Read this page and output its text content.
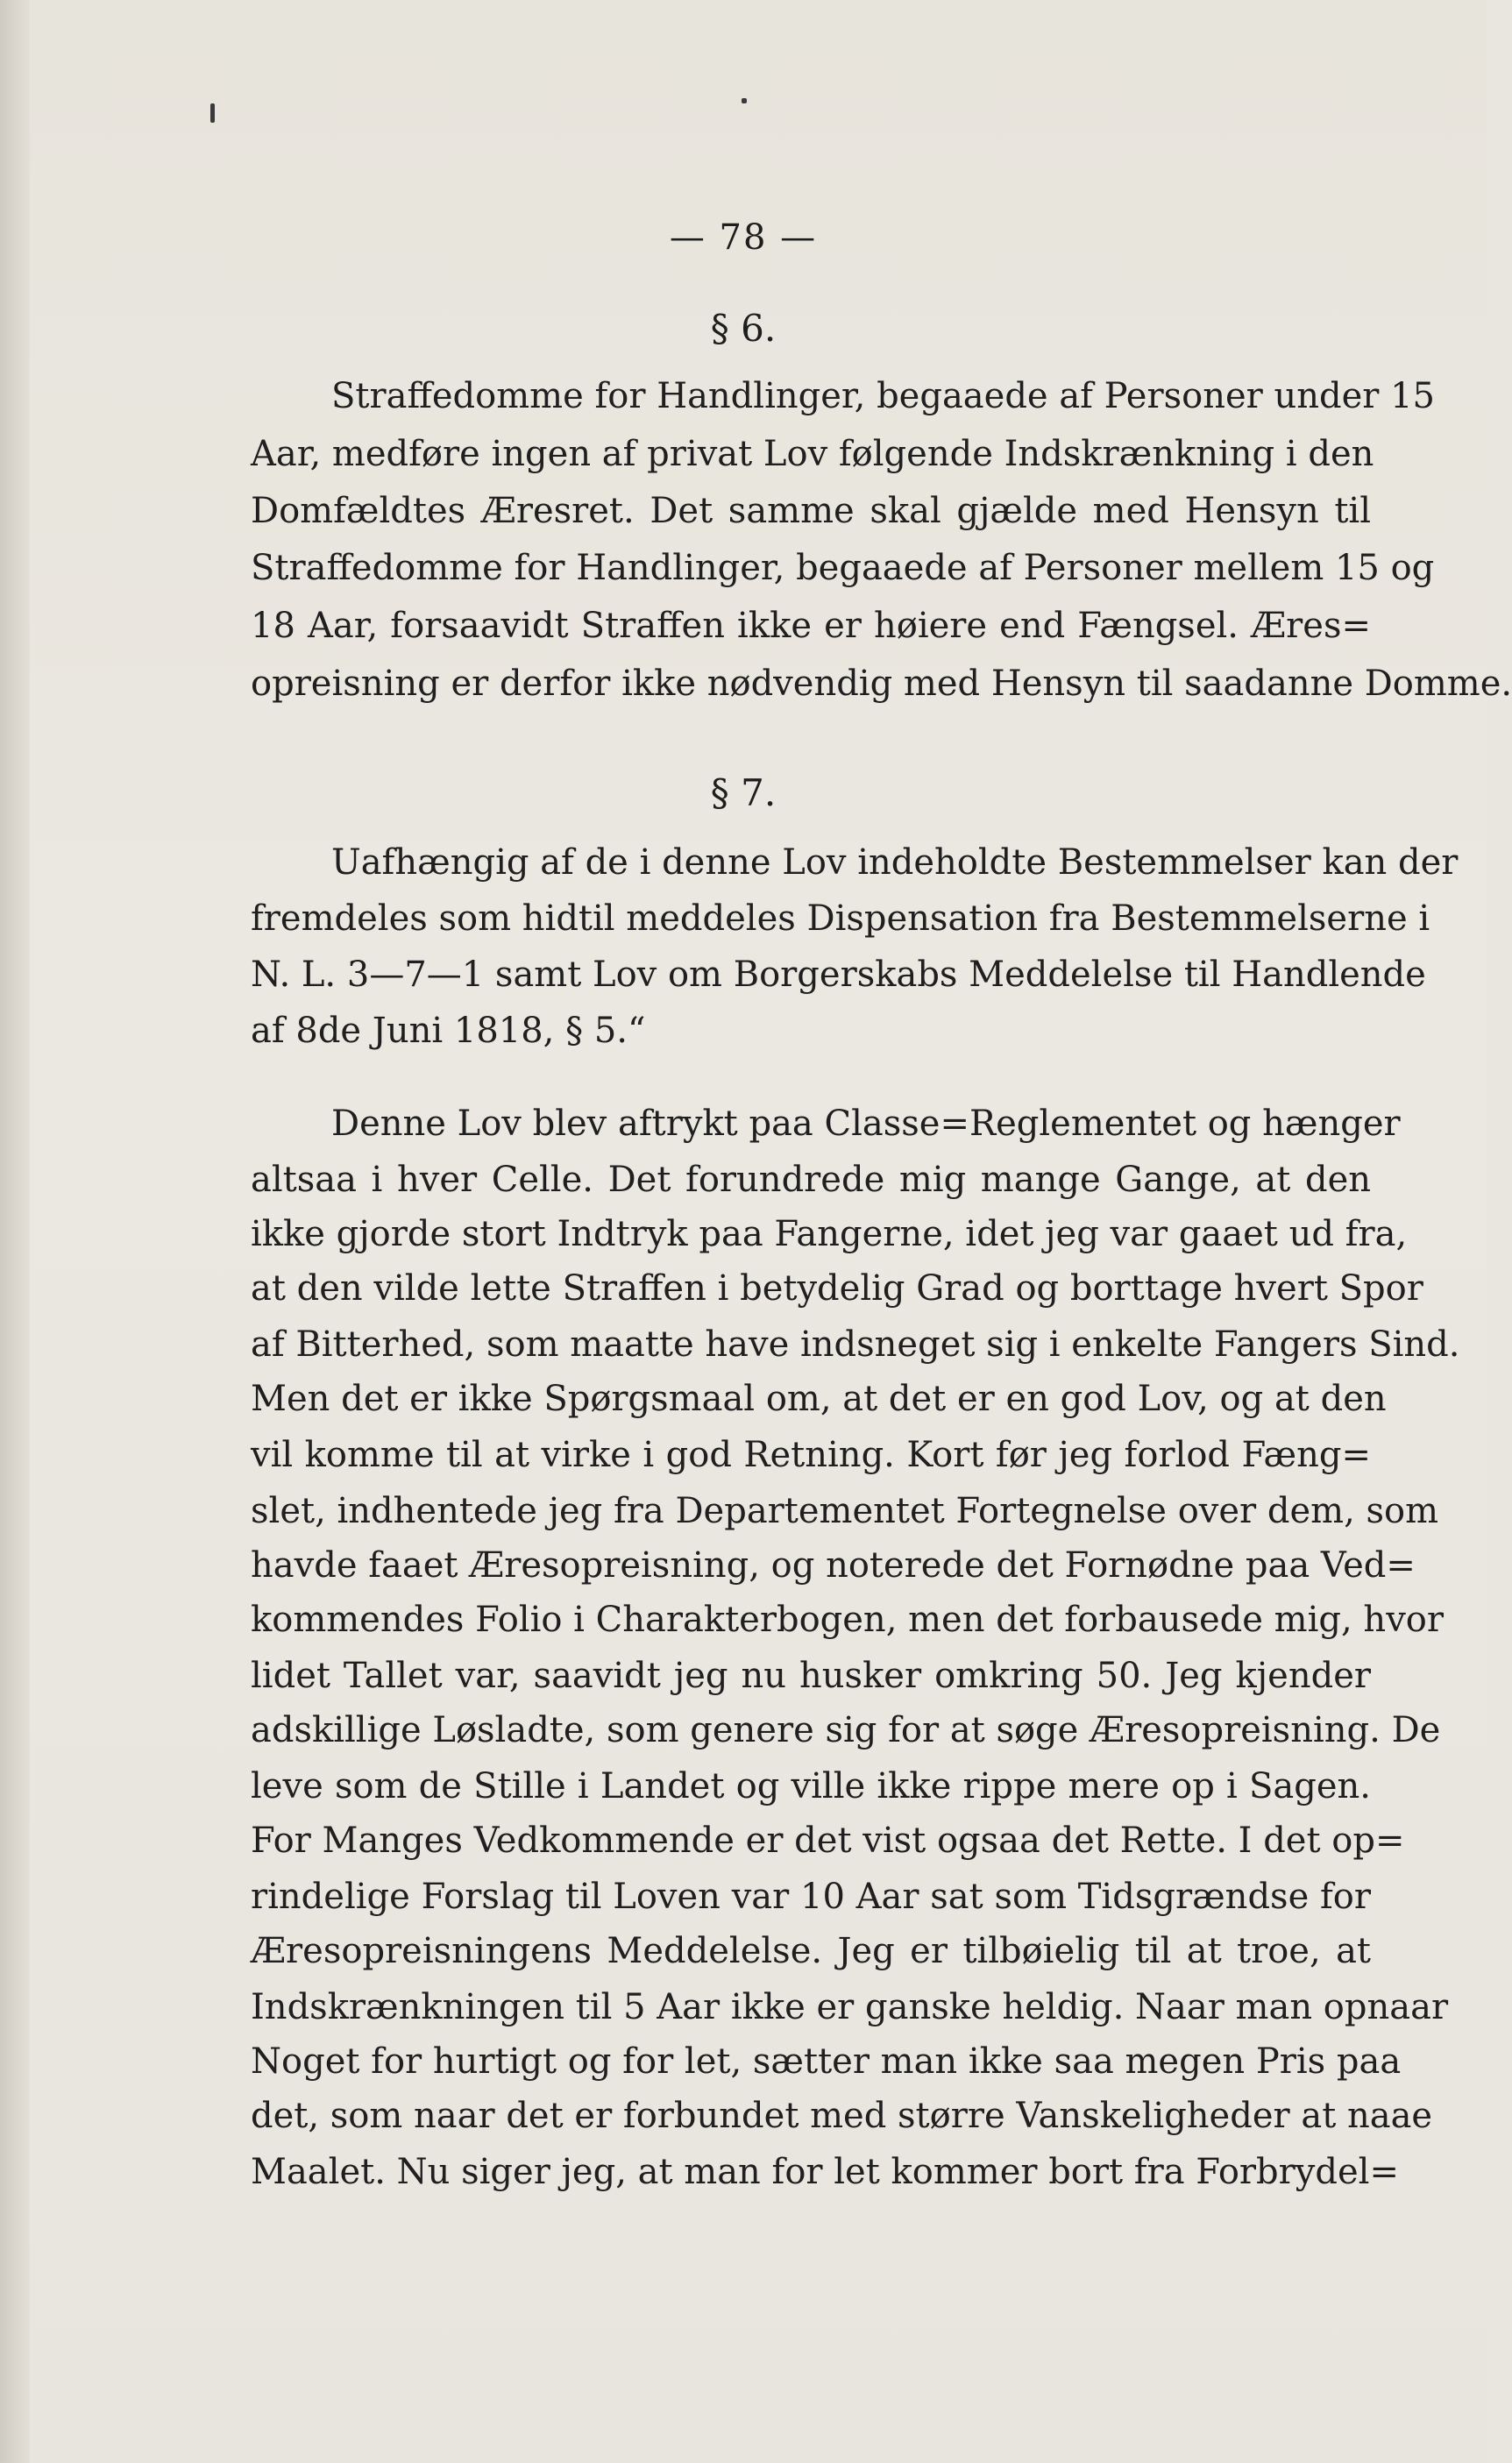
— 78 —
§ 6.
Straffedomme for Handlinger, begaaede af Personer under 15
Aar, medføre ingen af privat Lov følgende Indskrænkning i den
Domfældtes Æresret. Det samme skal gjælde med Hensyn til
Straffedomme for Handlinger, begaaede af Personer mellem 15 og
18 Aar, forsaavidt Straffen ikke er høiere end Fængsel. Æres=
opreisning er derfor ikke nødvendig med Hensyn til saadanne Domme.
§ 7.
Uafhængig af de i denne Lov indeholdte Bestemmelser kan der
fremdeles som hidtil meddeles Dispensation fra Bestemmelserne i
N. L. 3—7—1 samt Lov om Borgerskabs Meddelelse til Handlende
af 8de Juni 1818, § 5.“
Denne Lov blev aftrykt paa Classe=Reglementet og hænger
altsaa i hver Celle. Det forundrede mig mange Gange, at den
ikke gjorde stort Indtryk paa Fangerne, idet jeg var gaaet ud fra,
at den vilde lette Straffen i betydelig Grad og borttage hvert Spor
af Bitterhed, som maatte have indsneget sig i enkelte Fangers Sind.
Men det er ikke Spørgsmaal om, at det er en god Lov, og at den
vil komme til at virke i god Retning. Kort før jeg forlod Fæng=
slet, indhentede jeg fra Departementet Fortegnelse over dem, som
havde faaet Æresopreisning, og noterede det Fornødne paa Ved=
kommendes Folio i Charakterbogen, men det forbausede mig, hvor
lidet Tallet var, saavidt jeg nu husker omkring 50. Jeg kjender
adskillige Løsladte, som genere sig for at søge Æresopreisning. De
leve som de Stille i Landet og ville ikke rippe mere op i Sagen.
For Manges Vedkommende er det vist ogsaa det Rette. I det op=
rindelige Forslag til Loven var 10 Aar sat som Tidsgrændse for
Æresopreisningens Meddelelse. Jeg er tilbøielig til at troe, at
Indskrænkningen til 5 Aar ikke er ganske heldig. Naar man opnaar
Noget for hurtigt og for let, sætter man ikke saa megen Pris paa
det, som naar det er forbundet med større Vanskeligheder at naae
Maalet. Nu siger jeg, at man for let kommer bort fra Forbrydel=
